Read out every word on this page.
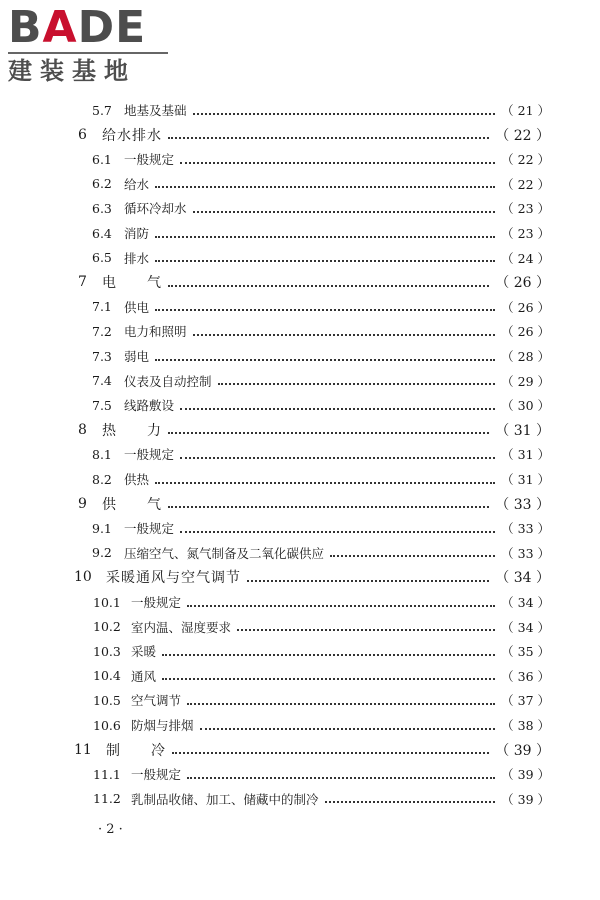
BADE
建装基地
5.7 地基及基础	（ 21 ）
6	给水排水	（ 22 ）
6.1 一般规定	（ 22 ）
6.2 给水	（ 22 ）
6.3 循环冷却水	（ 23 ）
6.4 消防	（ 23 ）
6.5 排水	（ 24 ）
7	电　　气	（ 26 ）
7.1 供电	（ 26 ）
7.2 电力和照明	（ 26 ）
7.3 弱电	（ 28 ）
7.4 仪表及自动控制	（ 29 ）
7.5 线路敷设	（ 30 ）
8	热　　力	（ 31 ）
8.1 一般规定	（ 31 ）
8.2 供热	（ 31 ）
9	供　　气	（ 33 ）
9.1 一般规定	（ 33 ）
9.2 压缩空气、氮气制备及二氧化碳供应	（ 33 ）
10	采暖通风与空气调节	（ 34 ）
10.1 一般规定	（ 34 ）
10.2 室内温、湿度要求	（ 34 ）
10.3 采暖	（ 35 ）
10.4 通风	（ 36 ）
10.5 空气调节	（ 37 ）
10.6 防烟与排烟	（ 38 ）
11	制　　冷	（ 39 ）
11.1 一般规定	（ 39 ）
11.2 乳制品收储、加工、储藏中的制冷	（ 39 ）
· 2 ·
